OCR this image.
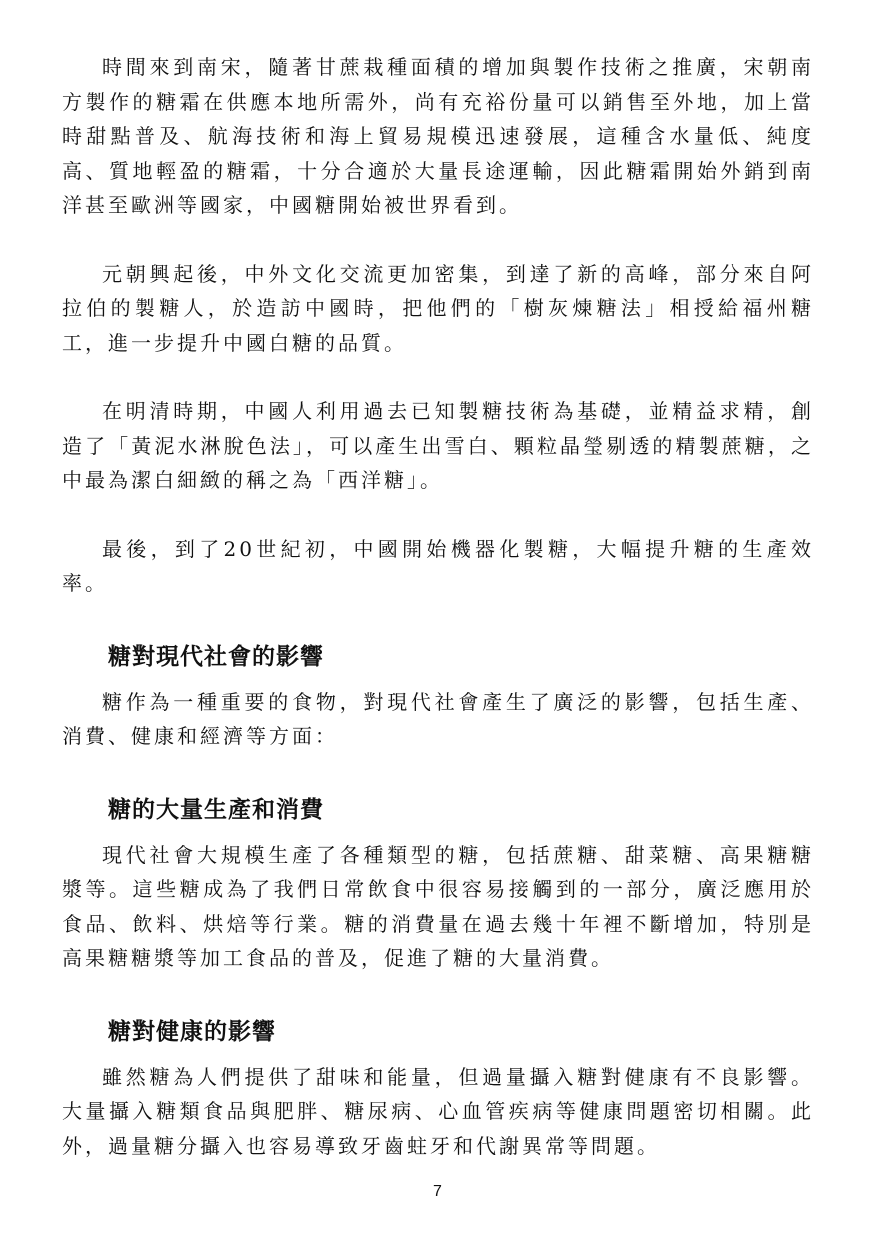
時間來到南宋，隨著甘蔗栽種面積的增加與製作技術之推廣，宋朝南方製作的糖霜在供應本地所需外，尚有充裕份量可以銷售至外地，加上當時甜點普及、航海技術和海上貿易規模迅速發展，這種含水量低、純度高、質地輕盈的糖霜，十分合適於大量長途運輸，因此糖霜開始外銷到南洋甚至歐洲等國家，中國糖開始被世界看到。

元朝興起後，中外文化交流更加密集，到達了新的高峰，部分來自阿拉伯的製糖人，於造訪中國時，把他們的「樹灰煉糖法」相授給福州糖工，進一步提升中國白糖的品質。

在明清時期，中國人利用過去已知製糖技術為基礎，並精益求精，創造了「黃泥水淋脫色法」，可以產生出雪白、顆粒晶瑩剔透的精製蔗糖，之中最為潔白細緻的稱之為「西洋糖」。

最後，到了20世紀初，中國開始機器化製糖，大幅提升糖的生產效率。

糖對現代社會的影響

糖作為一種重要的食物，對現代社會產生了廣泛的影響，包括生產、消費、健康和經濟等方面：

糖的大量生產和消費

現代社會大規模生產了各種類型的糖，包括蔗糖、甜菜糖、高果糖糖漿等。這些糖成為了我們日常飲食中很容易接觸到的一部分，廣泛應用於食品、飲料、烘焙等行業。糖的消費量在過去幾十年裡不斷增加，特別是高果糖糖漿等加工食品的普及，促進了糖的大量消費。

糖對健康的影響

雖然糖為人們提供了甜味和能量，但過量攝入糖對健康有不良影響。大量攝入糖類食品與肥胖、糖尿病、心血管疾病等健康問題密切相關。此外，過量糖分攝入也容易導致牙齒蛀牙和代謝異常等問題。

7
